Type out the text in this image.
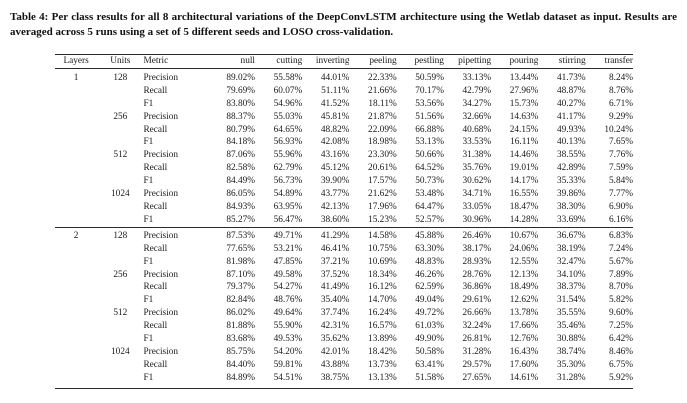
Table 4: Per class results for all 8 architectural variations of the DeepConvLSTM architecture using the Wetlab dataset as input. Results are averaged across 5 runs using a set of 5 different seeds and LOSO cross-validation.

Layers	Units	Metric	null	cutting	inverting	peeling	pestling	pipetting	pouring	stirring	transfer
1	128	Precision	89.02%	55.58%	44.01%	22.33%	50.59%	33.13%	13.44%	41.73%	8.24%
		Recall	79.69%	60.07%	51.11%	21.66%	70.17%	42.79%	27.96%	48.87%	8.76%
		F1	83.80%	54.96%	41.52%	18.11%	53.56%	34.27%	15.73%	40.27%	6.71%
	256	Precision	88.37%	55.03%	45.81%	21.87%	51.56%	32.66%	14.63%	41.17%	9.29%
		Recall	80.79%	64.65%	48.82%	22.09%	66.88%	40.68%	24.15%	49.93%	10.24%
		F1	84.18%	56.93%	42.08%	18.98%	53.13%	33.53%	16.11%	40.13%	7.65%
	512	Precision	87.06%	55.96%	43.16%	23.30%	50.66%	31.38%	14.46%	38.55%	7.76%
		Recall	82.58%	62.79%	45.12%	20.61%	64.52%	35.76%	19.01%	42.89%	7.59%
		F1	84.49%	56.73%	39.90%	17.57%	50.73%	30.62%	14.17%	35.33%	5.84%
	1024	Precision	86.05%	54.89%	43.77%	21.62%	53.48%	34.71%	16.55%	39.86%	7.77%
		Recall	84.93%	63.95%	42.13%	17.96%	64.47%	33.05%	18.47%	38.30%	6.90%
		F1	85.27%	56.47%	38.60%	15.23%	52.57%	30.96%	14.28%	33.69%	6.16%
2	128	Precision	87.53%	49.71%	41.29%	14.58%	45.88%	26.46%	10.67%	36.67%	6.83%
		Recall	77.65%	53.21%	46.41%	10.75%	63.30%	38.17%	24.06%	38.19%	7.24%
		F1	81.98%	47.85%	37.21%	10.69%	48.83%	28.93%	12.55%	32.47%	5.67%
	256	Precision	87.10%	49.58%	37.52%	18.34%	46.26%	28.76%	12.13%	34.10%	7.89%
		Recall	79.37%	54.27%	41.49%	16.12%	62.59%	36.86%	18.49%	38.37%	8.70%
		F1	82.84%	48.76%	35.40%	14.70%	49.04%	29.61%	12.62%	31.54%	5.82%
	512	Precision	86.02%	49.64%	37.74%	16.24%	49.72%	26.66%	13.78%	35.55%	9.60%
		Recall	81.88%	55.90%	42.31%	16.57%	61.03%	32.24%	17.66%	35.46%	7.25%
		F1	83.68%	49.53%	35.62%	13.89%	49.90%	26.81%	12.76%	30.88%	6.42%
	1024	Precision	85.75%	54.20%	42.01%	18.42%	50.58%	31.28%	16.43%	38.74%	8.46%
		Recall	84.40%	59.81%	43.88%	13.73%	63.41%	29.57%	17.60%	35.30%	6.75%
		F1	84.89%	54.51%	38.75%	13.13%	51.58%	27.65%	14.61%	31.28%	5.92%
